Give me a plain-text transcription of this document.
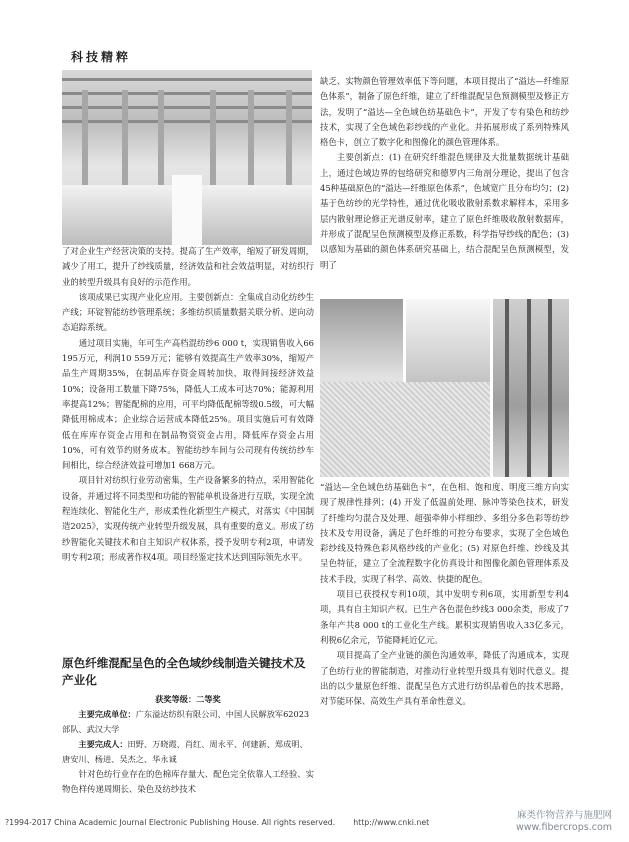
科技精粹

了对企业生产经营决策的支持。提高了生产效率，缩短了研发周期，减少了用工，提升了纱线质量，经济效益和社会效益明显，对纺织行业的转型升级具有良好的示范作用。

该项成果已实现产业化应用。主要创新点：全集成自动化纺纱生产线；环锭智能纺纱管理系统；多维纺织质量数据关联分析、逆向动态追踪系统。

通过项目实施，年可生产高档混纺纱6 000 t，实现销售收入66 195万元，利润10 559万元；能够有效提高生产效率30%，缩短产品生产周期35%，在制品库存资金周转加快，取得间接经济效益10%；设备用工数量下降75%，降低人工成本可达70%；能源利用率提高12%；智能配棉的应用，可平均降低配棉等级0.5级，可大幅降低用棉成本；企业综合运营成本降低25%。项目实施后可有效降低在库库存资金占用和在制品物资资金占用，降低库存资金占用10%，可有效节约财务成本。智能纺纱车间与公司现有传统纺纱车间相比，综合经济效益可增加1 668万元。

项目针对纺织行业劳动密集，生产设备繁多的特点，采用智能化设备，并通过将不同类型和功能的智能单机设备进行互联，实现全流程连续化、智能化生产，形成柔性化新型生产模式，对落实《中国制造2025》，实现传统产业转型升级发展，具有重要的意义。形成了纺纱智能化关键技术和自主知识产权体系，授予发明专利2项，申请发明专利2项；形成著作权4项。项目经鉴定技术达到国际领先水平。

原色纤维混配呈色的全色域纱线制造关键技术及产业化

获奖等级：二等奖

主要完成单位：广东溢达纺织有限公司、中国人民解放军62023部队、武汉大学

主要完成人：田野、万晓霞、肖红、周永平、何建新、郑成明、唐安川、杨进、吴杰之、华永诚

针对色纺行业存在的色棉库存量大、配色完全依靠人工经验、实物色样传递周期长、染色及纺纱技术

缺乏、实物颜色管理效率低下等问题，本项目提出了“溢达—纤维原色体系”，制备了原色纤维，建立了纤维混配呈色预测模型及修正方法，发明了“溢达—全色域色纺基础色卡”，开发了专有染色和纺纱技术，实现了全色域色彩纱线的产业化。并拓展形成了系列特殊风格色卡，创立了数字化和图像化的颜色管理体系。

主要创新点：(1) 在研究纤维混色规律及大批量数据统计基础上，通过色域边界的包络研究和德罗内三角剖分理论，提出了包含45种基础原色的“溢达—纤维原色体系”，色域宽广且分布均匀；(2) 基于色纺纱的光学特性，通过优化吸收散射系数求解样本，采用多层内散射理论修正光谱反射率，建立了原色纤维吸收散射数据库，并形成了混配呈色预测模型及修正系数，科学指导纱线的配色；(3) 以感知为基础的颜色体系研究基础上，结合混配呈色预测模型，发明了

“溢达—全色域色纺基础色卡”，在色相、饱和度、明度三维方向实现了规律性排列；(4) 开发了低温前处理、脉冲等染色技术，研发了纤维均匀混合及处理、超强牵伸小样细纱、多组分多色彩等纺纱技术及专用设备，满足了色纤维的可控分布要求，实现了全色域色彩纱线及特殊色彩风格纱线的产业化；(5) 对原色纤维、纱线及其呈色特征，建立了全流程数字化仿真设计和图像化颜色管理体系及技术手段，实现了科学、高效、快捷的配色。

项目已获授权专利10项，其中发明专利6项，实用新型专利4项，具有自主知识产权。已生产各色混色纱线3 000余类，形成了7条年产共8 000 t的工业化生产线。累积实现销售收入33亿多元，利税6亿余元，节能降耗近亿元。

项目提高了全产业链的颜色沟通效率，降低了沟通成本，实现了色纺行业的智能制造，对推动行业转型升级具有划时代意义。提出的以少量原色纤维、混配呈色方式进行纺织品着色的技术思路，对节能环保、高效生产具有革命性意义。

?1994-2017 China Academic Journal Electronic Publishing House. All rights reserved. http://www.cnki.net
麻类作物营养与施肥网
www.fibercrops.com
